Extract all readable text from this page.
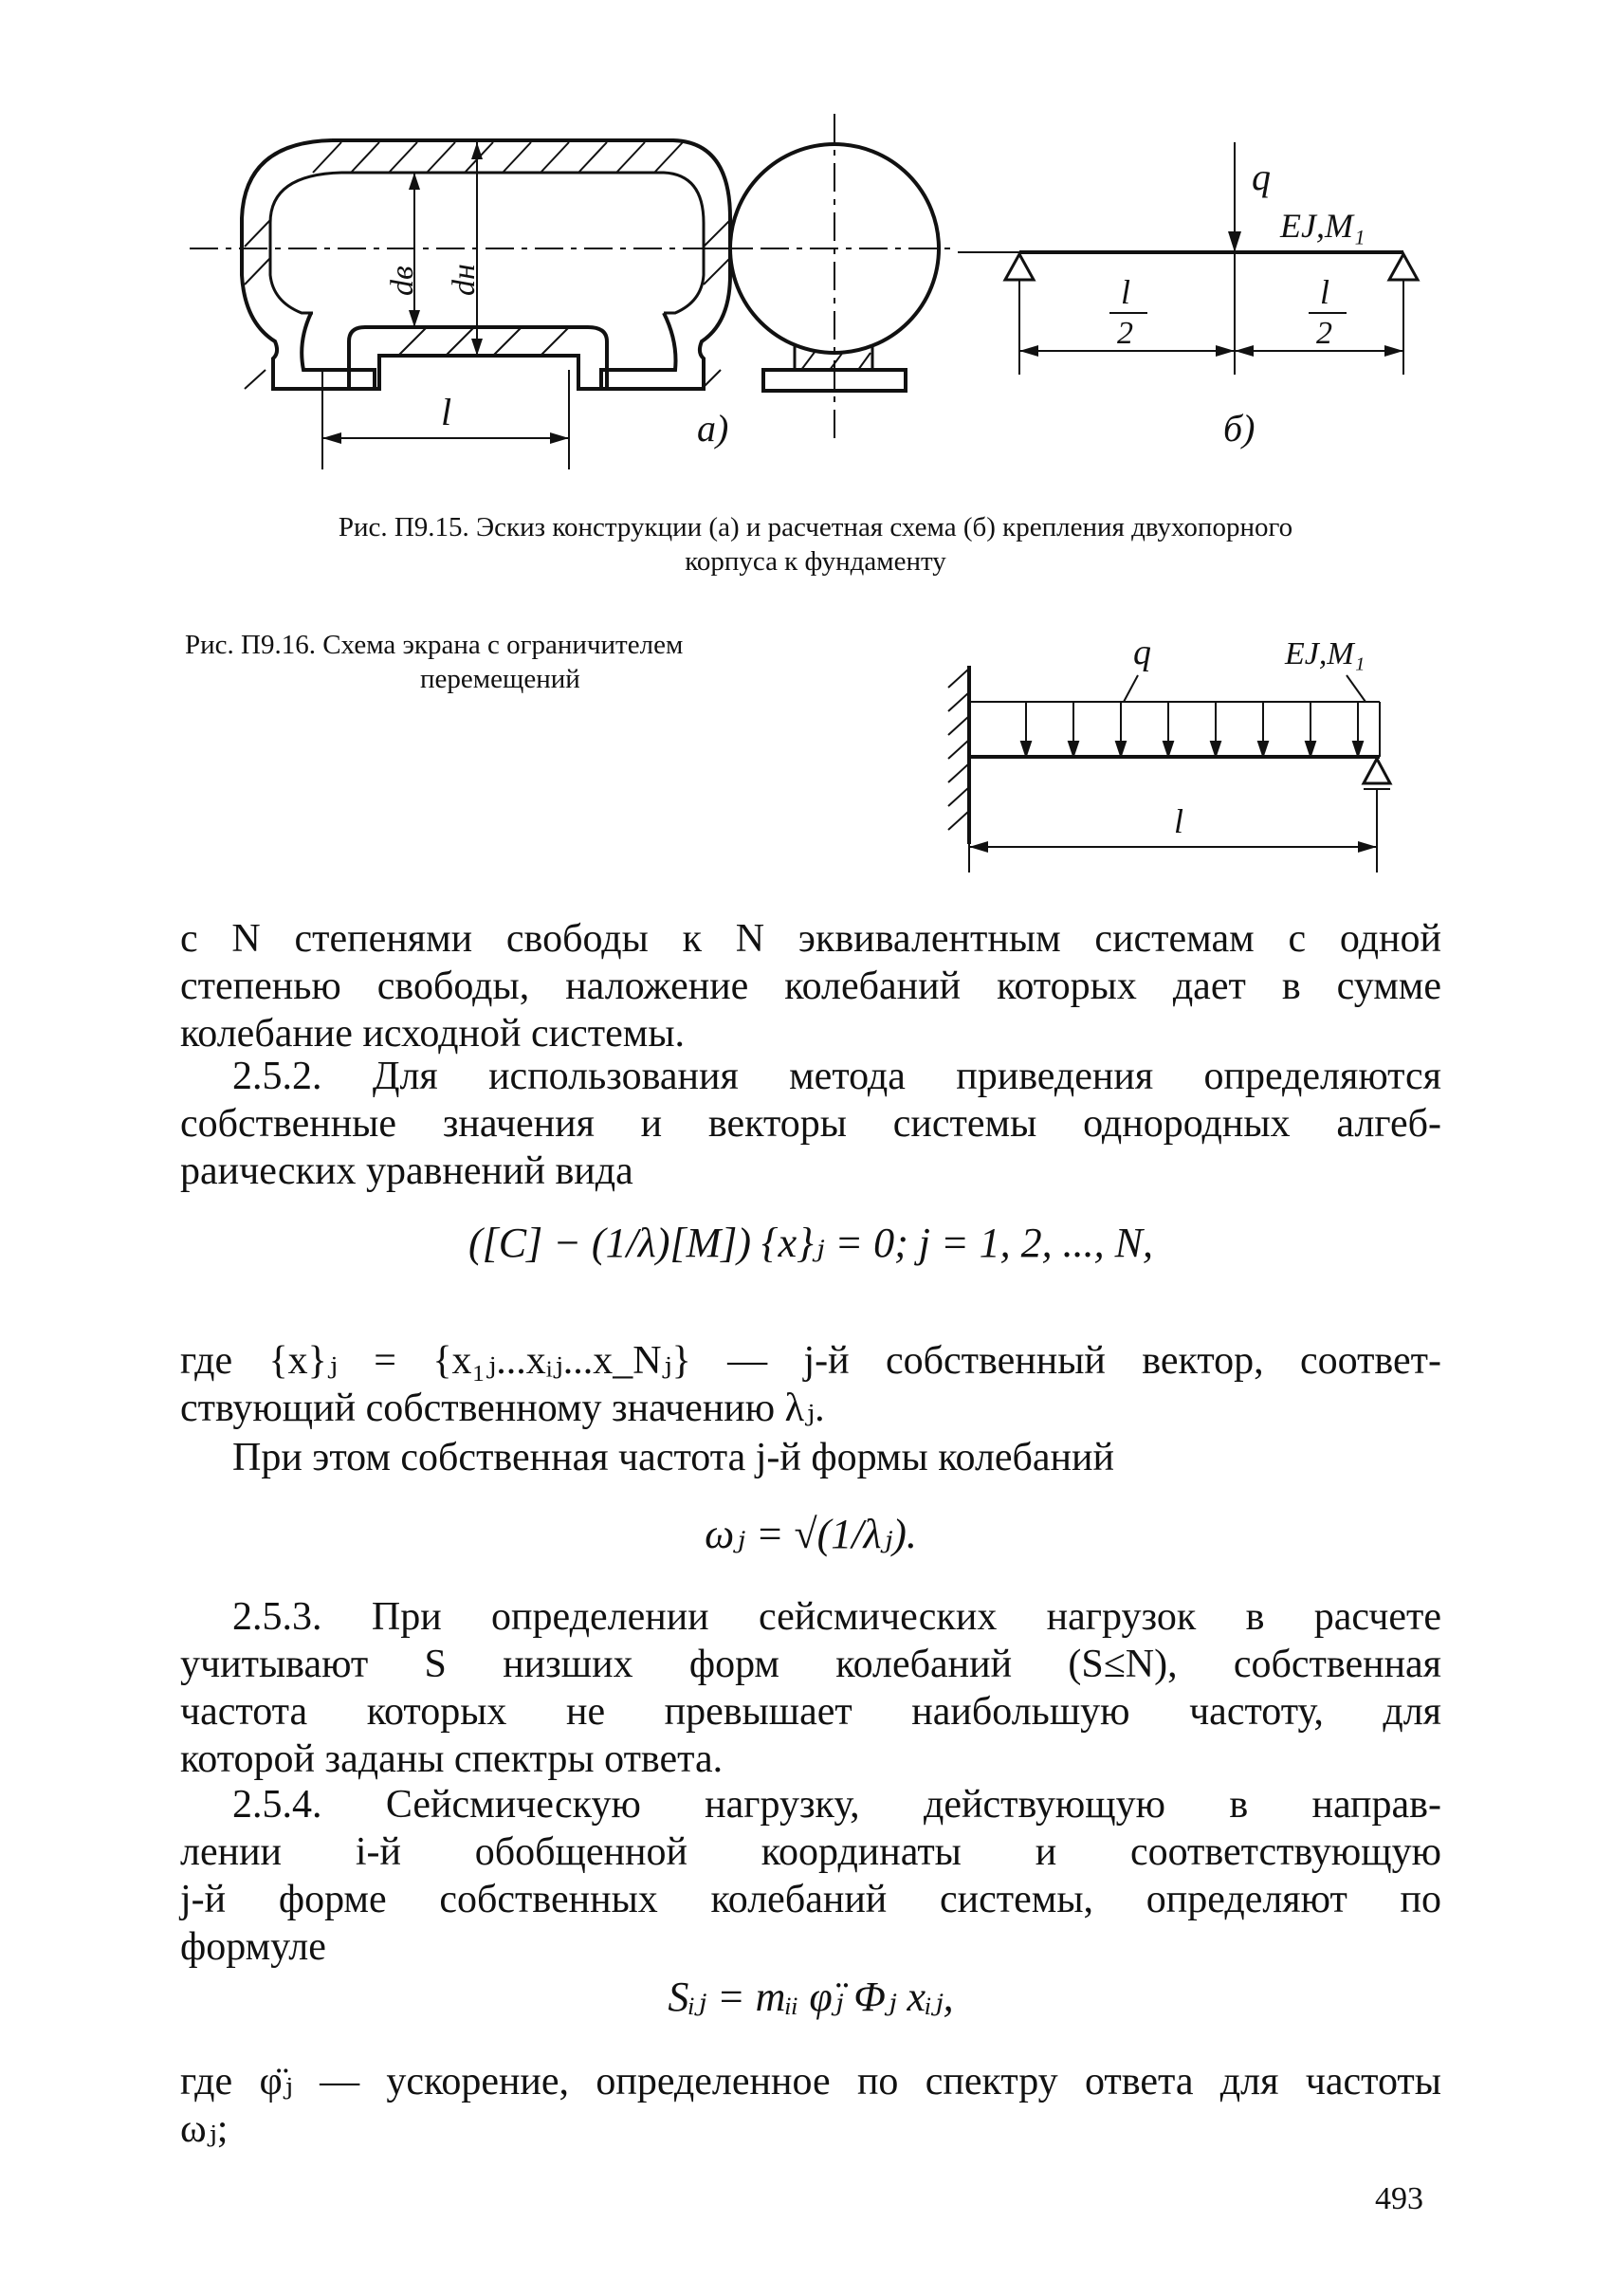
dв dн
l	а)
q
EJ,M₁
l
2
l
2
б)
Рис. П9.15. Эскиз конструкции (а) и расчетная схема (б) крепления двухопорного
корпуса к фундаменту
Рис. П9.16. Схема экрана с ограничителем
перемещений
q	EJ,M₁
l
с N степенями свободы к N эквивалентным системам с одной
степенью свободы, наложение колебаний которых дает в сумме
колебание исходной системы.
2.5.2. Для использования метода приведения определяются
собственные значения и векторы системы однородных алгеб-
раических уравнений вида
([C] − (1/λ)[M]) {x}ⱼ = 0; j = 1, 2, ..., N,
где {x}ⱼ = {x₁ⱼ...xᵢⱼ...x_Nⱼ} — j-й собственный вектор, соответ-
ствующий собственному значению λⱼ.
При этом собственная частота j-й формы колебаний
ωⱼ = √(1/λⱼ).
2.5.3. При определении сейсмических нагрузок в расчете
учитывают S низших форм колебаний (S≤N), собственная
частота которых не превышает наибольшую частоту, для
которой заданы спектры ответа.
2.5.4. Сейсмическую нагрузку, действующую в направ-
лении i-й обобщенной координаты и соответствующую
j-й форме собственных колебаний системы, определяют по
формуле
Sᵢⱼ = mᵢᵢ φ̈ⱼ Φⱼ xᵢⱼ,
где φ̈ⱼ — ускорение, определенное по спектру ответа для частоты
ωⱼ;
493
